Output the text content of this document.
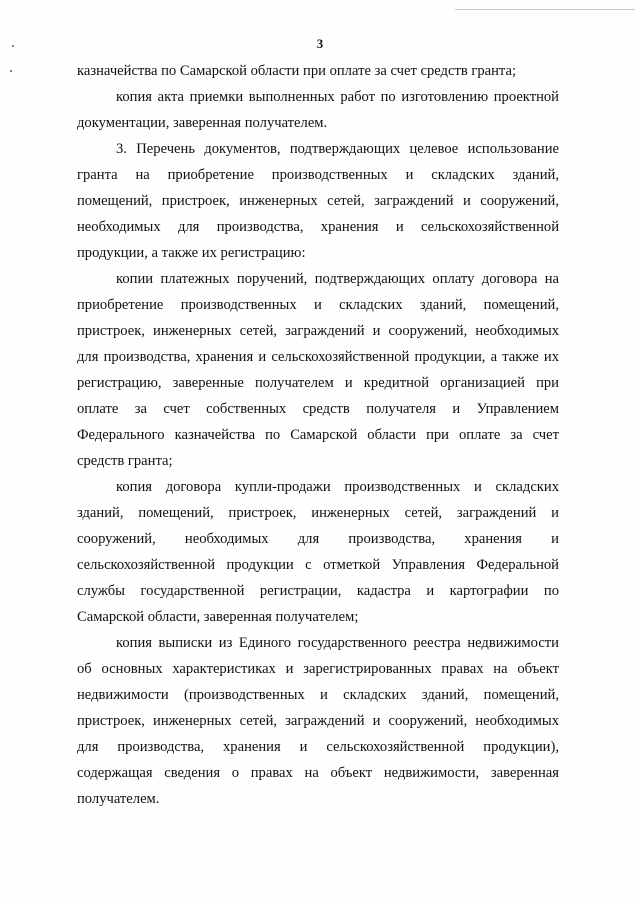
3
казначейства по Самарской области при оплате за счет средств гранта;
копия акта приемки выполненных работ по изготовлению проектной
документации, заверенная получателем.
3. Перечень документов, подтверждающих целевое использование
гранта на приобретение производственных и складских зданий,
помещений, пристроек, инженерных сетей, заграждений и сооружений,
необходимых для производства, хранения и сельскохозяйственной
продукции, а также их регистрацию:
копии платежных поручений, подтверждающих оплату договора на
приобретение производственных и складских зданий, помещений,
пристроек, инженерных сетей, заграждений и сооружений, необходимых
для производства, хранения и сельскохозяйственной продукции, а также их
регистрацию, заверенные получателем и кредитной организацией при
оплате за счет собственных средств получателя и Управлением
Федерального казначейства по Самарской области при оплате за счет
средств гранта;
копия договора купли-продажи производственных и складских
зданий, помещений, пристроек, инженерных сетей, заграждений и
сооружений, необходимых для производства, хранения и
сельскохозяйственной продукции с отметкой Управления Федеральной
службы государственной регистрации, кадастра и картографии по
Самарской области, заверенная получателем;
копия выписки из Единого государственного реестра недвижимости
об основных характеристиках и зарегистрированных правах на объект
недвижимости (производственных и складских зданий, помещений,
пристроек, инженерных сетей, заграждений и сооружений, необходимых
для производства, хранения и сельскохозяйственной продукции),
содержащая сведения о правах на объект недвижимости, заверенная
получателем.
